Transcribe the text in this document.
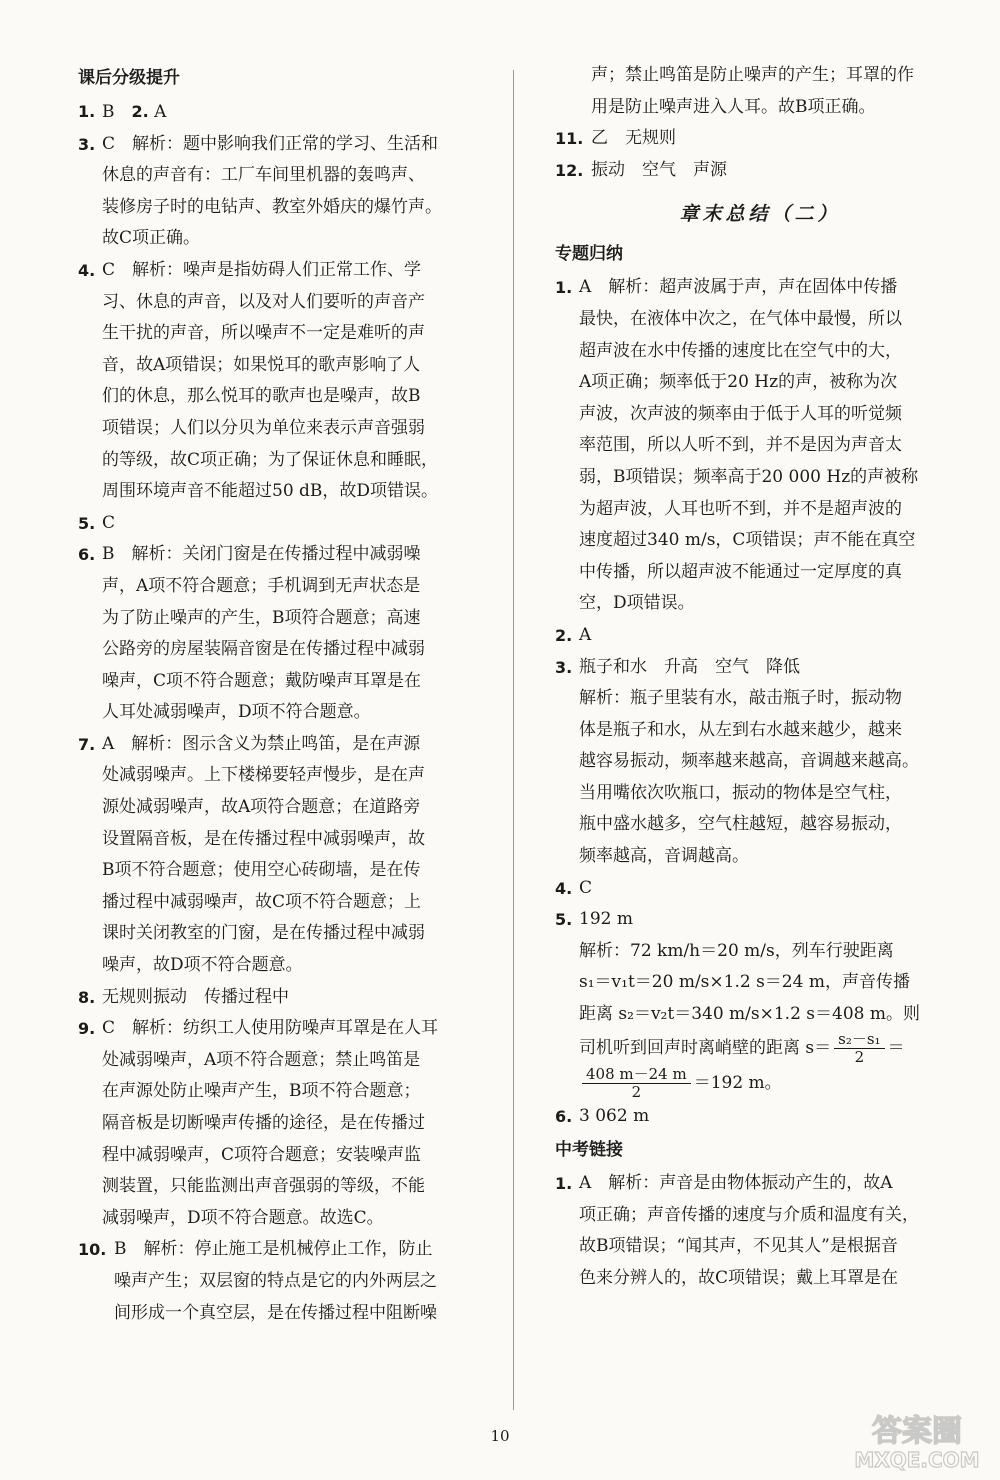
课后分级提升
1. B　2. A
3. C　解析：题中影响我们正常的学习、生活和

休息的声音有：工厂车间里机器的轰鸣声、

装修房子时的电钻声、教室外婚庆的爆竹声。

故C项正确。

4. C　解析：噪声是指妨碍人们正常工作、学

习、休息的声音，以及对人们要听的声音产

生干扰的声音，所以噪声不一定是难听的声

音，故A项错误；如果悦耳的歌声影响了人

们的休息，那么悦耳的歌声也是噪声，故B

项错误；人们以分贝为单位来表示声音强弱

的等级，故C项正确；为了保证休息和睡眠，

周围环境声音不能超过50 dB，故D项错误。

5. C

6. B　解析：关闭门窗是在传播过程中减弱噪

声，A项不符合题意；手机调到无声状态是

为了防止噪声的产生，B项符合题意；高速

公路旁的房屋装隔音窗是在传播过程中减弱

噪声，C项不符合题意；戴防噪声耳罩是在

人耳处减弱噪声，D项不符合题意。

7. A　解析：图示含义为禁止鸣笛，是在声源

处减弱噪声。上下楼梯要轻声慢步，是在声

源处减弱噪声，故A项符合题意；在道路旁

设置隔音板，是在传播过程中减弱噪声，故

B项不符合题意；使用空心砖砌墙，是在传

播过程中减弱噪声，故C项不符合题意；上

课时关闭教室的门窗，是在传播过程中减弱

噪声，故D项不符合题意。

8. 无规则振动　传播过程中

9. C　解析：纺织工人使用防噪声耳罩是在人耳

处减弱噪声，A项不符合题意；禁止鸣笛是

在声源处防止噪声产生，B项不符合题意；

隔音板是切断噪声传播的途径，是在传播过

程中减弱噪声，C项符合题意；安装噪声监

测装置，只能监测出声音强弱的等级，不能

减弱噪声，D项不符合题意。故选C。

10. B　解析：停止施工是机械停止工作，防止

噪声产生；双层窗的特点是它的内外两层之

间形成一个真空层，是在传播过程中阻断噪

声；禁止鸣笛是防止噪声的产生；耳罩的作

用是防止噪声进入人耳。故B项正确。

11. 乙　无规则

12. 振动　空气　声源

章末总结（二）
专题归纳
1. A　解析：超声波属于声，声在固体中传播

最快，在液体中次之，在气体中最慢，所以

超声波在水中传播的速度比在空气中的大，

A项正确；频率低于20 Hz的声，被称为次

声波，次声波的频率由于低于人耳的听觉频

率范围，所以人听不到，并不是因为声音太

弱，B项错误；频率高于20 000 Hz的声被称

为超声波，人耳也听不到，并不是超声波的

速度超过340 m/s，C项错误；声不能在真空

中传播，所以超声波不能通过一定厚度的真

空，D项错误。

2. A

3. 瓶子和水　升高　空气　降低

解析：瓶子里装有水，敲击瓶子时，振动物

体是瓶子和水，从左到右水越来越少，越来

越容易振动，频率越来越高，音调越来越高。

当用嘴依次吹瓶口，振动的物体是空气柱，

瓶中盛水越多，空气柱越短，越容易振动，

频率越高，音调越高。

4. C

5. 192 m

解析：72 km/h＝20 m/s，列车行驶距离

s₁＝v₁t＝20 m/s×1.2 s＝24 m，声音传播

距离 s₂＝v₂t＝340 m/s×1.2 s＝408 m。则

司机听到回声时离峭壁的距离 $s= \frac{\text{s₂－s₁}}{2}$ ＝

$\frac{408 m-24 m}{2} =192$ m。

6. 3 062 m

中考链接
1. A　解析：声音是由物体振动产生的，故A

项正确；声音传播的速度与介质和温度有关，

故B项错误；“闻其声，不见其人”是根据音

色来分辨人的，故C项错误；戴上耳罩是在

10	答案圈
MXQE.COM
